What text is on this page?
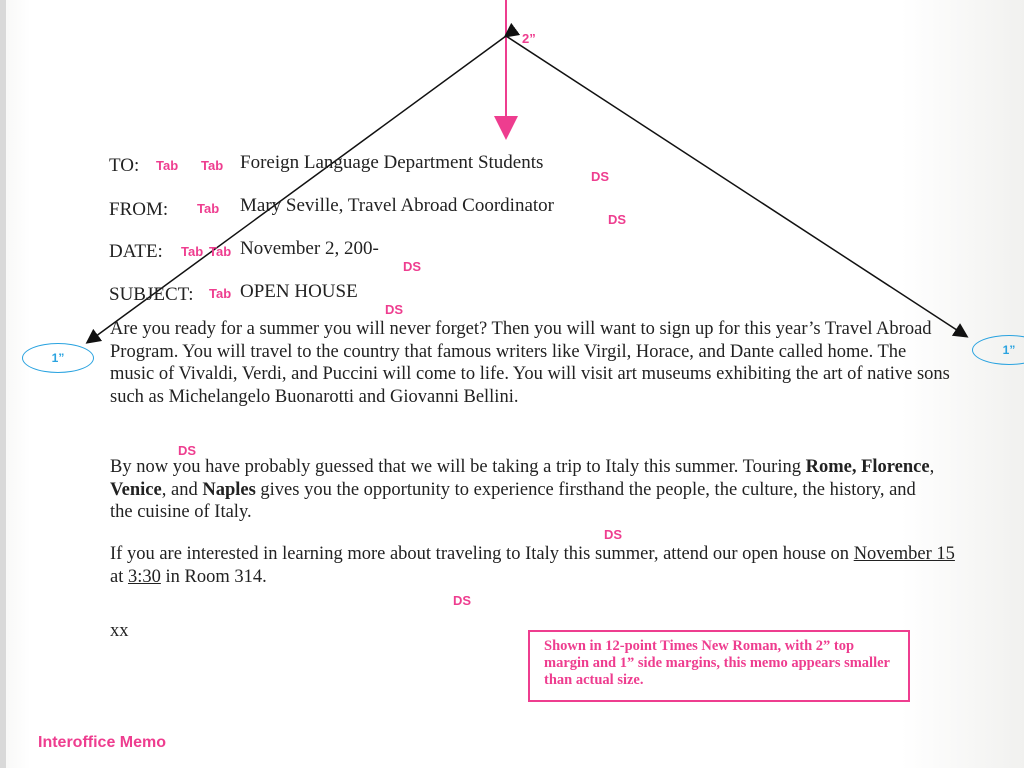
2”
TO: Tab Tab Foreign Language Department Students
DS
FROM: Tab Mary Seville, Travel Abroad Coordinator
DS
DATE: Tab Tab November 2, 200-
DS
SUBJECT: Tab OPEN HOUSE
DS
1”
1”
Are you ready for a summer you will never forget? Then you will want to sign up for this year’s Travel Abroad Program. You will travel to the country that famous writers like Virgil, Horace, and Dante called home. The music of Vivaldi, Verdi, and Puccini will come to life. You will visit art museums exhibiting the art of native sons such as Michelangelo Buonarotti and Giovanni Bellini.
DS
By now you have probably guessed that we will be taking a trip to Italy this summer. Touring Rome, Florence, Venice, and Naples gives you the opportunity to experience firsthand the people, the culture, the history, and the cuisine of Italy.
DS
If you are interested in learning more about traveling to Italy this summer, attend our open house on November 15 at 3:30 in Room 314.
DS
xx
Shown in 12-point Times New Roman, with 2” top margin and 1” side margins, this memo appears smaller than actual size.
Interoffice Memo
